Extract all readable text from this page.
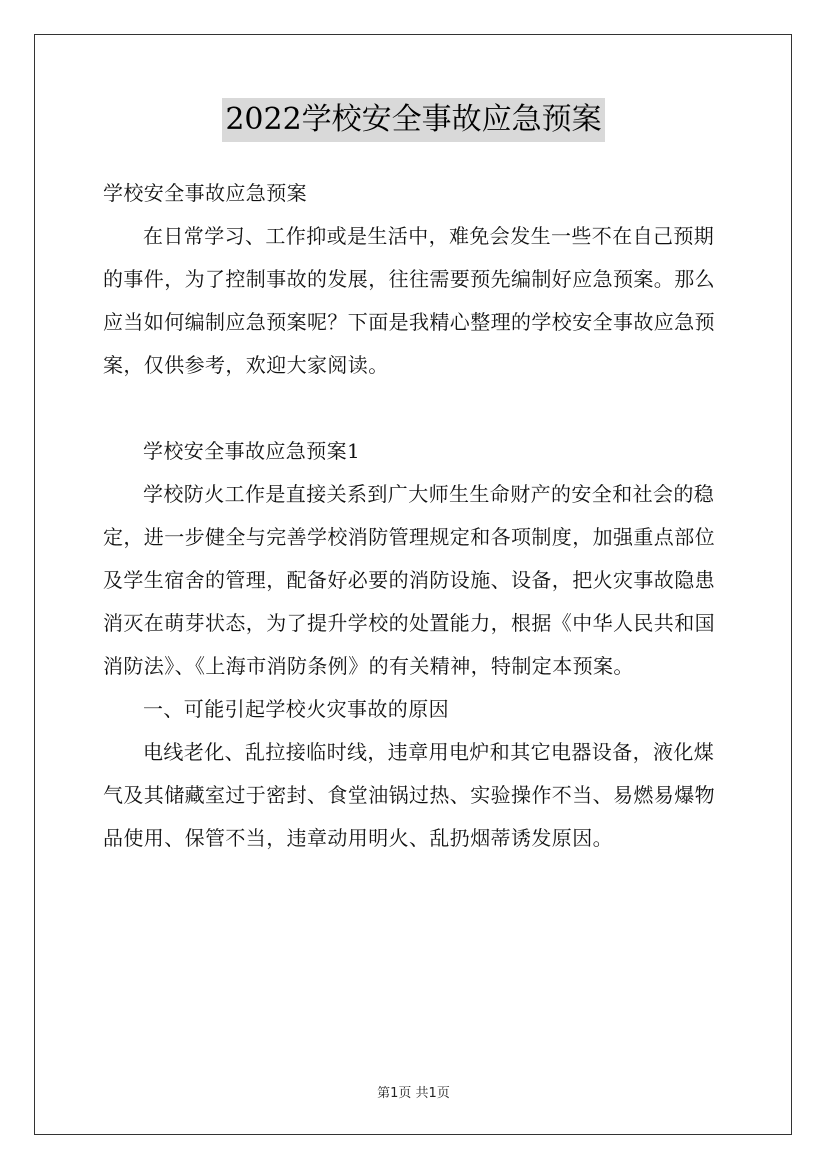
2022学校安全事故应急预案
学校安全事故应急预案
在日常学习、工作抑或是生活中，难免会发生一些不在自己预期
的事件，为了控制事故的发展，往往需要预先编制好应急预案。那么
应当如何编制应急预案呢？下面是我精心整理的学校安全事故应急预
案，仅供参考，欢迎大家阅读。
学校安全事故应急预案1
学校防火工作是直接关系到广大师生生命财产的安全和社会的稳
定，进一步健全与完善学校消防管理规定和各项制度，加强重点部位
及学生宿舍的管理，配备好必要的消防设施、设备，把火灾事故隐患
消灭在萌芽状态，为了提升学校的处置能力，根据《中华人民共和国
消防法》、《上海市消防条例》的有关精神，特制定本预案。
一、可能引起学校火灾事故的原因
电线老化、乱拉接临时线，违章用电炉和其它电器设备，液化煤
气及其储藏室过于密封、食堂油锅过热、实验操作不当、易燃易爆物
品使用、保管不当，违章动用明火、乱扔烟蒂诱发原因。
第1页 共1页
